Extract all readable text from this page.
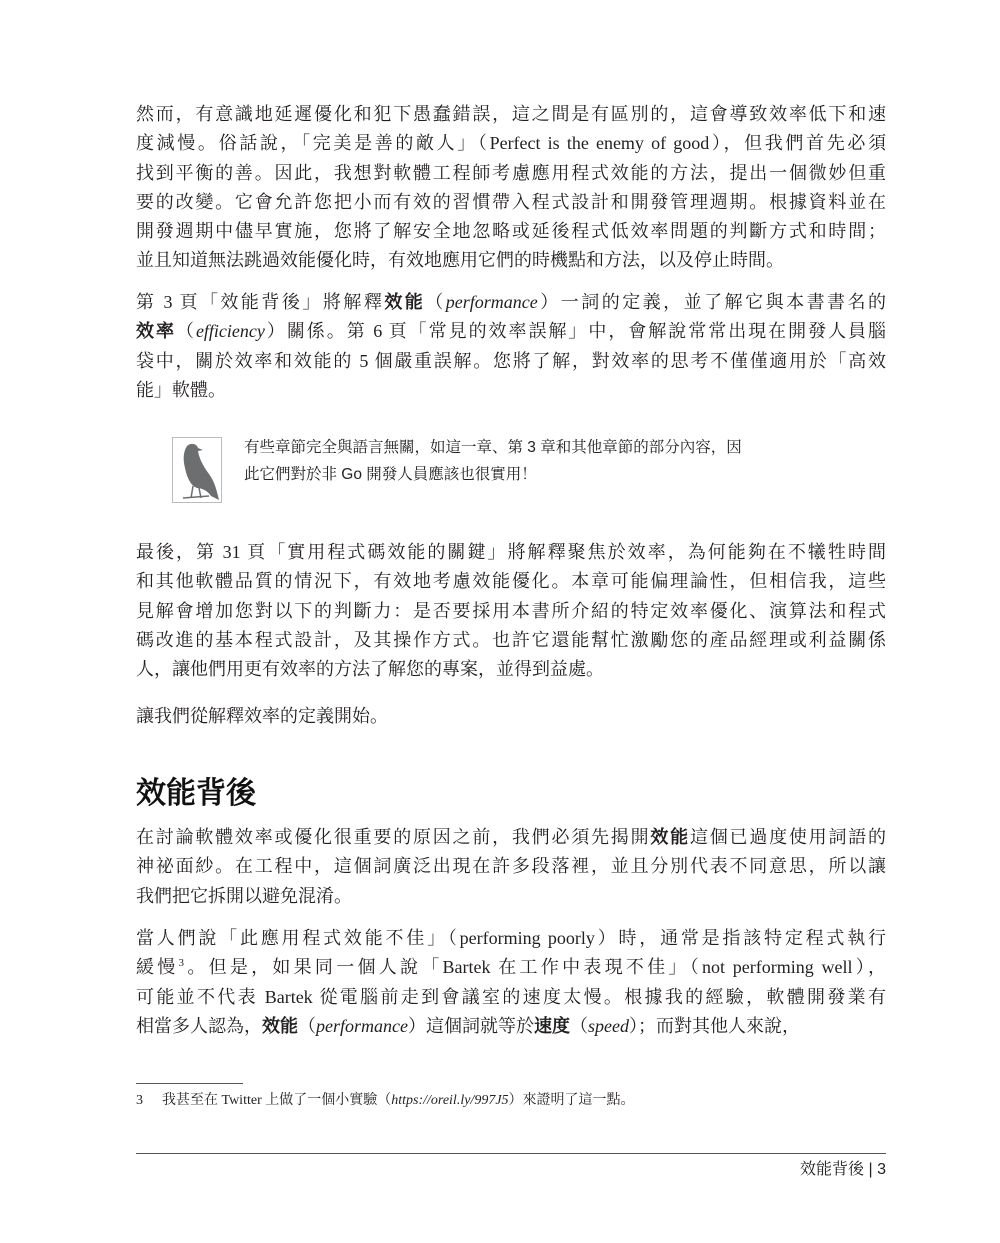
然而，有意識地延遲優化和犯下愚蠢錯誤，這之間是有區別的，這會導致效率低下和速
度減慢。俗話說，「完美是善的敵人」（Perfect is the enemy of good），但我們首先必須
找到平衡的善。因此，我想對軟體工程師考慮應用程式效能的方法，提出一個微妙但重
要的改變。它會允許您把小而有效的習慣帶入程式設計和開發管理週期。根據資料並在
開發週期中儘早實施，您將了解安全地忽略或延後程式低效率問題的判斷方式和時間；
並且知道無法跳過效能優化時，有效地應用它們的時機點和方法，以及停止時間。
第 3 頁「效能背後」將解釋效能（performance）一詞的定義，並了解它與本書書名的
效率（efficiency）關係。第 6 頁「常見的效率誤解」中，會解說常常出現在開發人員腦
袋中，關於效率和效能的 5 個嚴重誤解。您將了解，對效率的思考不僅僅適用於「高效
能」軟體。
有些章節完全與語言無關，如這一章、第 3 章和其他章節的部分內容，因
此它們對於非 Go 開發人員應該也很實用！
最後，第 31 頁「實用程式碼效能的關鍵」將解釋聚焦於效率，為何能夠在不犧牲時間
和其他軟體品質的情況下，有效地考慮效能優化。本章可能偏理論性，但相信我，這些
見解會增加您對以下的判斷力：是否要採用本書所介紹的特定效率優化、演算法和程式
碼改進的基本程式設計，及其操作方式。也許它還能幫忙激勵您的產品經理或利益關係
人，讓他們用更有效率的方法了解您的專案，並得到益處。
讓我們從解釋效率的定義開始。
效能背後
在討論軟體效率或優化很重要的原因之前，我們必須先揭開效能這個已過度使用詞語的
神祕面紗。在工程中，這個詞廣泛出現在許多段落裡，並且分別代表不同意思，所以讓
我們把它拆開以避免混淆。
當人們說「此應用程式效能不佳」（performing poorly）時，通常是指該特定程式執行
緩慢$^3$。但是，如果同一個人說「Bartek 在工作中表現不佳」（not performing well），
可能並不代表 Bartek 從電腦前走到會議室的速度太慢。根據我的經驗，軟體開發業有
相當多人認為，效能（performance）這個詞就等於速度（speed）；而對其他人來說，
3 我甚至在 Twitter 上做了一個小實驗（https://oreil.ly/997J5）來證明了這一點。
效能背後 | 3
